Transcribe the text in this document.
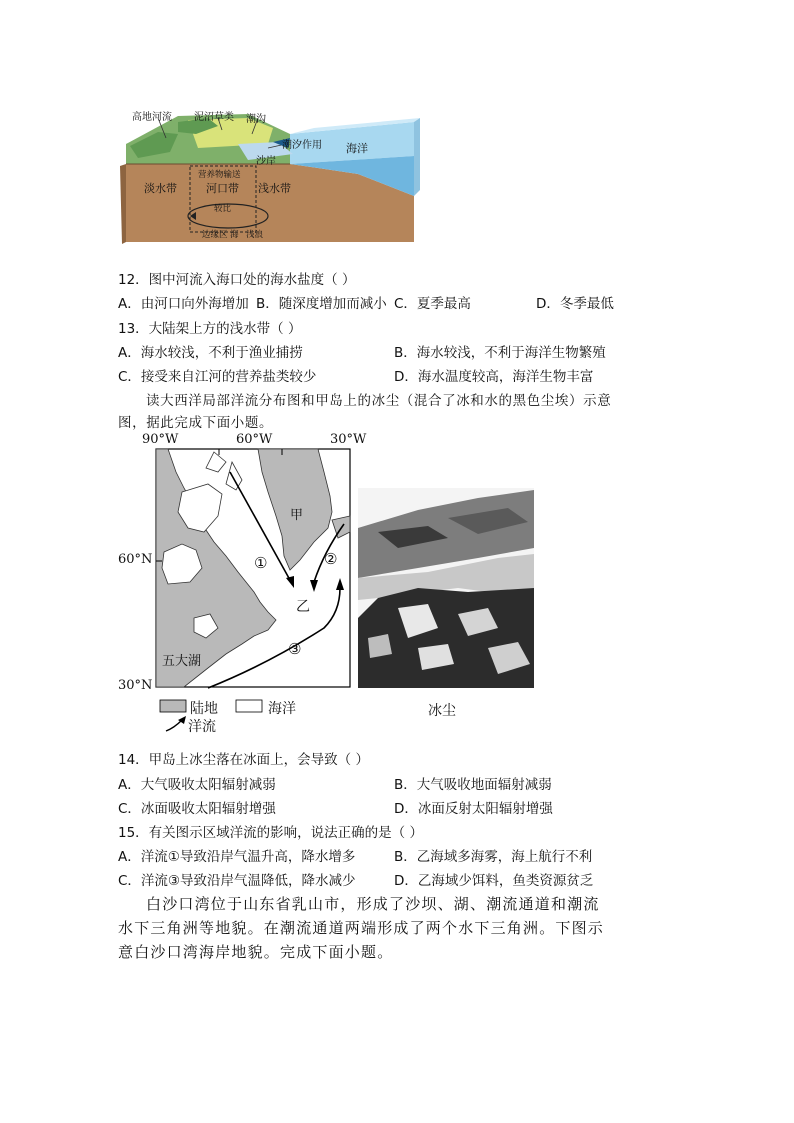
高地河流 泥沼草类 潮沟
潮汐作用
沙岸
海洋
淡水带	河口带 浅水带
营养物输送
较比
边缘区 海 浅浪
12．图中河流入海口处的海水盐度（ ）
A．由河口向外海增加 B．随深度增加而减小 C．夏季最高	D．冬季最低
13．大陆架上方的浅水带（ ）
A．海水较浅，不利于渔业捕捞	B．海水较浅，不利于海洋生物繁殖
C．接受来自江河的营养盐类较少	D．海水温度较高，海洋生物丰富
读大西洋局部洋流分布图和甲岛上的冰尘（混合了冰和水的黑色尘埃）示意
图，据此完成下面小题。
90°W	60°W	30°W
60°N
30°N
甲
乙
五大湖
①	②
③
陆地	海洋
洋流
冰尘
14．甲岛上冰尘落在冰面上，会导致（ ）
A．大气吸收太阳辐射减弱	B．大气吸收地面辐射减弱
C．冰面吸收太阳辐射增强	D．冰面反射太阳辐射增强
15．有关图示区域洋流的影响，说法正确的是（ ）
A．洋流①导致沿岸气温升高，降水增多	B．乙海域多海雾，海上航行不利
C．洋流③导致沿岸气温降低，降水减少	D．乙海域少饵料，鱼类资源贫乏
白沙口湾位于山东省乳山市，形成了沙坝、湖、潮流通道和潮流
水下三角洲等地貌。在潮流通道两端形成了两个水下三角洲。下图示
意白沙口湾海岸地貌。完成下面小题。
